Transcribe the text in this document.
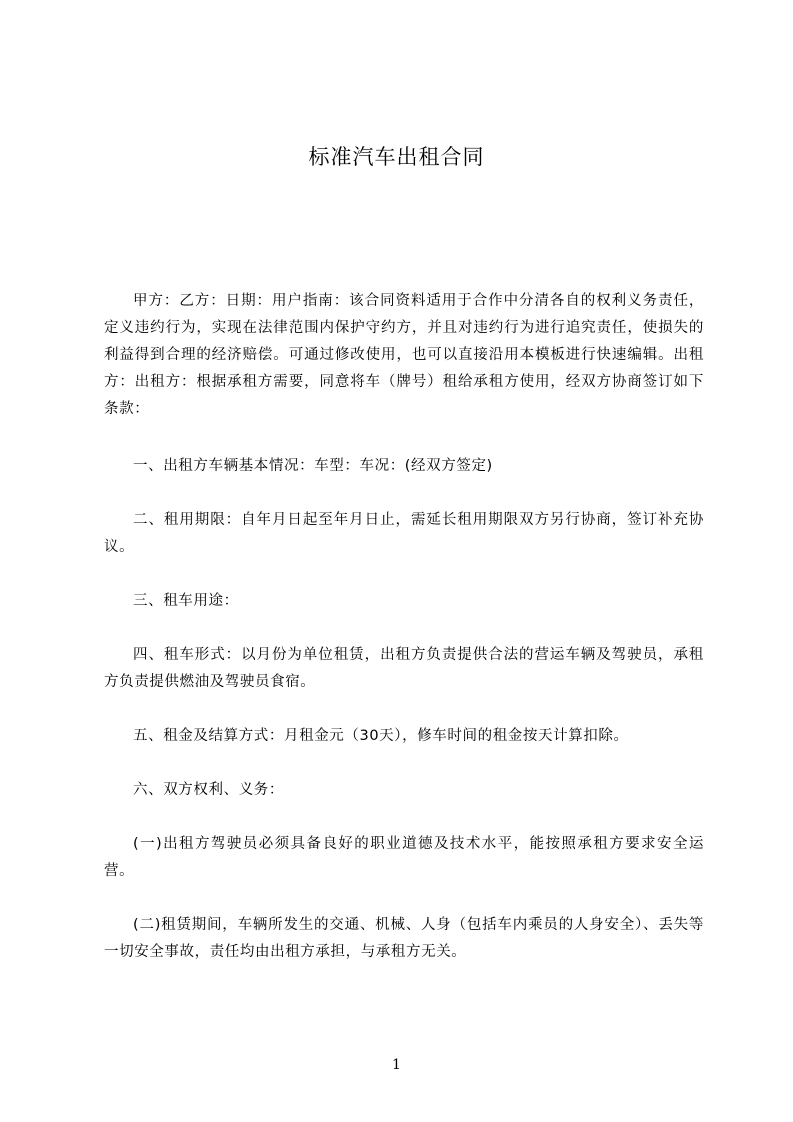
标准汽车出租合同

甲方：乙方：日期：用户指南：该合同资料适用于合作中分清各自的权利义务责任，定义违约行为，实现在法律范围内保护守约方，并且对违约行为进行追究责任，使损失的利益得到合理的经济赔偿。可通过修改使用，也可以直接沿用本模板进行快速编辑。出租方：出租方：根据承租方需要，同意将车（牌号）租给承租方使用，经双方协商签订如下条款：

一、出租方车辆基本情况：车型：车况：(经双方签定)

二、租用期限：自年月日起至年月日止，需延长租用期限双方另行协商，签订补充协议。

三、租车用途：

四、租车形式：以月份为单位租赁，出租方负责提供合法的营运车辆及驾驶员，承租方负责提供燃油及驾驶员食宿。

五、租金及结算方式：月租金元（30天），修车时间的租金按天计算扣除。

六、双方权利、义务：

(一)出租方驾驶员必须具备良好的职业道德及技术水平，能按照承租方要求安全运营。

(二)租赁期间，车辆所发生的交通、机械、人身（包括车内乘员的人身安全）、丢失等一切安全事故，责任均由出租方承担，与承租方无关。

1
